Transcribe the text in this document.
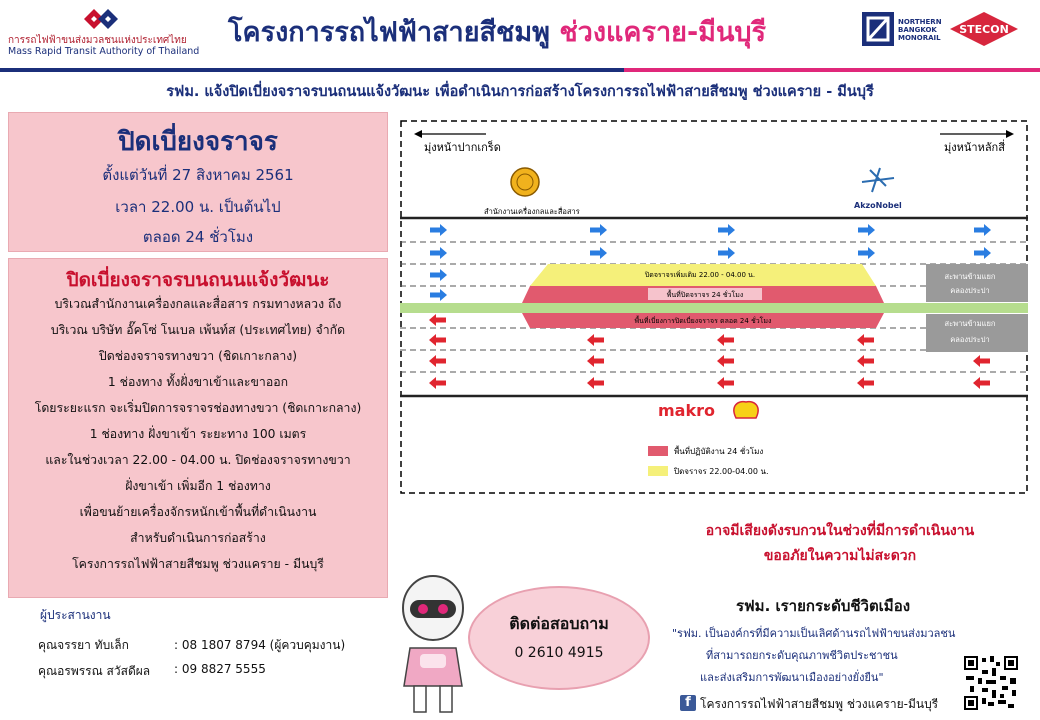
การรถไฟฟ้าขนส่งมวลชนแห่งประเทศไทย
Mass Rapid Transit Authority of Thailand
โครงการรถไฟฟ้าสายสีชมพู ช่วงแคราย-มีนบุรี	NORTHERN
BANGKOK
MONORAIL
STECON
รฟม. แจ้งปิดเบี่ยงจราจรบนถนนแจ้งวัฒนะ เพื่อดำเนินการก่อสร้างโครงการรถไฟฟ้าสายสีชมพู ช่วงแคราย - มีนบุรี
ปิดเบี่ยงจราจร
ตั้งแต่วันที่ 27 สิงหาคม 2561
เวลา 22.00 น. เป็นต้นไป
ตลอด 24 ชั่วโมง
ปิดเบี่ยงจราจรบนถนนแจ้งวัฒนะ
บริเวณสำนักงานเครื่องกลและสื่อสาร กรมทางหลวง ถึง
บริเวณ บริษัท อั๊คโซ่ โนเบล เพ้นท์ส (ประเทศไทย) จำกัด
ปิดช่องจราจรทางขวา (ชิดเกาะกลาง)
1 ช่องทาง ทั้งฝั่งขาเข้าและขาออก
โดยระยะแรก จะเริ่มปิดการจราจรช่องทางขวา (ชิดเกาะกลาง)
1 ช่องทาง ฝั่งขาเข้า ระยะทาง 100 เมตร
และในช่วงเวลา 22.00 - 04.00 น. ปิดช่องจราจรทางขวา
ฝั่งขาเข้า เพิ่มอีก 1 ช่องทาง
เพื่อขนย้ายเครื่องจักรหนักเข้าพื้นที่ดำเนินงาน
สำหรับดำเนินการก่อสร้าง
โครงการรถไฟฟ้าสายสีชมพู ช่วงแคราย - มีนบุรี
ผู้ประสานงาน
คุณจรรยา ทับเล็ก	: 08 1807 8794 (ผู้ควบคุมงาน)
คุณอรพรรณ สวัสดีผล : 09 8827 5555
ติดต่อสอบถาม
0 2610 4915
อาจมีเสียงดังรบกวนในช่วงที่มีการดำเนินงาน
ขออภัยในความไม่สะดวก
รฟม. เรายกระดับชีวิตเมือง
"รฟม. เป็นองค์กรที่มีความเป็นเลิศด้านรถไฟฟ้าขนส่งมวลชน
ที่สามารถยกระดับคุณภาพชีวิตประชาชน
และส่งเสริมการพัฒนาเมืองอย่างยั่งยืน"
f โครงการรถไฟฟ้าสายสีชมพู ช่วงแคราย-มีนบุรี
มุ่งหน้าปากเกร็ด	มุ่งหน้าหลักสี่
สำนักงานเครื่องกลและสื่อสาร
AkzoNobel
ปิดจราจรเพิ่มเติม 22.00 - 04.00 น.
พื้นที่ปิดจราจร 24 ชั่วโมง
พื้นที่เบี่ยงการปิดเบี่ยงจราจร ตลอด 24 ชั่วโมง
สะพานข้ามแยก
คลองประปา
สะพานข้ามแยก
คลองประปา
makro
พื้นที่ปฏิบัติงาน 24 ชั่วโมง
ปิดจราจร 22.00-04.00 น.
